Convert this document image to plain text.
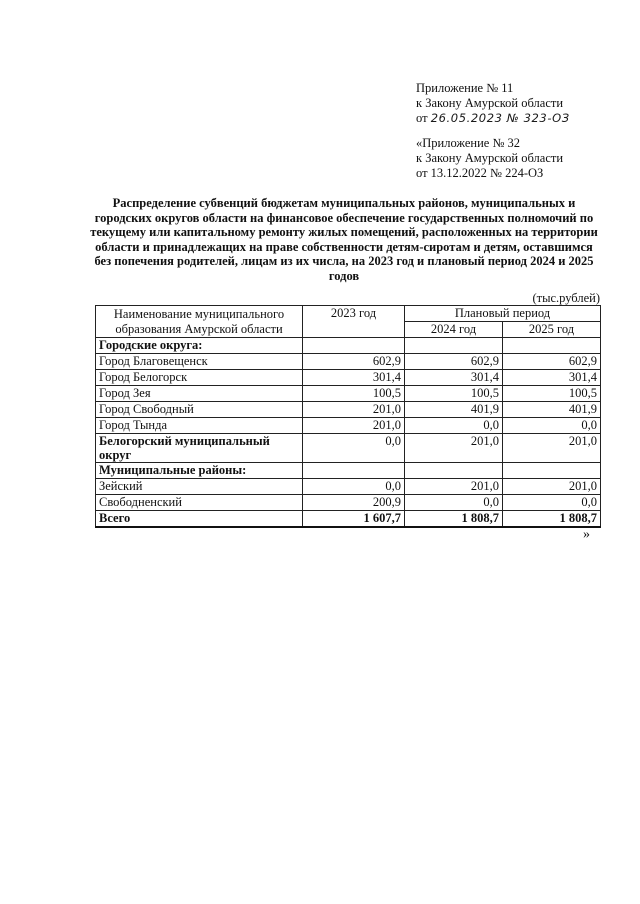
Приложение № 11
к Закону Амурской области
от 26.05.2023 № 323-ОЗ
«Приложение № 32
к Закону Амурской области
от 13.12.2022 № 224-ОЗ
Распределение субвенций бюджетам муниципальных районов, муниципальных и городских округов области на финансовое обеспечение государственных полномочий по текущему или капитальному ремонту жилых помещений, расположенных на территории области и принадлежащих на праве собственности детям-сиротам и детям, оставшимся без попечения родителей, лицам из их числа, на 2023 год и плановый период 2024 и 2025 годов
(тыс.рублей)
Наименование муниципального образования Амурской области	2023 год	Плановый период	
		2024 год	2025 год
Городские округа:			
Город Благовещенск	602,9	602,9	602,9
Город Белогорск	301,4	301,4	301,4
Город Зея	100,5	100,5	100,5
Город Свободный	201,0	401,9	401,9
Город Тында	201,0	0,0	0,0
Белогорский муниципальный округ	0,0	201,0	201,0
Муниципальные районы:			
Зейский	0,0	201,0	201,0
Свободненский	200,9	0,0	0,0
Всего	1 607,7	1 808,7	1 808,7
»
